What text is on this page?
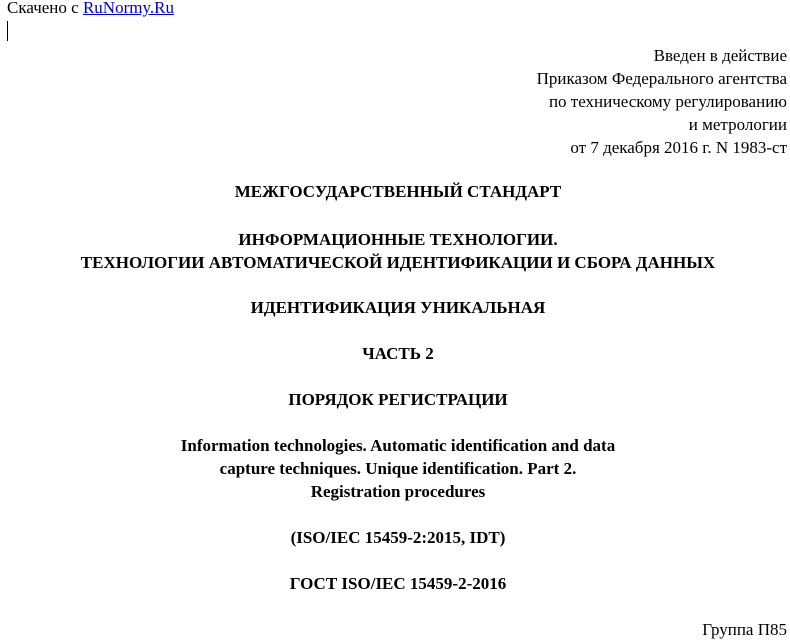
Скачено с RuNormy.Ru
Введен в действие
Приказом Федерального агентства
по техническому регулированию
и метрологии
от 7 декабря 2016 г. N 1983-ст
МЕЖГОСУДАРСТВЕННЫЙ СТАНДАРТ
ИНФОРМАЦИОННЫЕ ТЕХНОЛОГИИ.
ТЕХНОЛОГИИ АВТОМАТИЧЕСКОЙ ИДЕНТИФИКАЦИИ И СБОРА ДАННЫХ
ИДЕНТИФИКАЦИЯ УНИКАЛЬНАЯ
ЧАСТЬ 2
ПОРЯДОК РЕГИСТРАЦИИ
Information technologies. Automatic identification and data
capture techniques. Unique identification. Part 2.
Registration procedures
(ISO/IEC 15459-2:2015, IDT)
ГОСТ ISO/IEC 15459-2-2016
Группа П85
